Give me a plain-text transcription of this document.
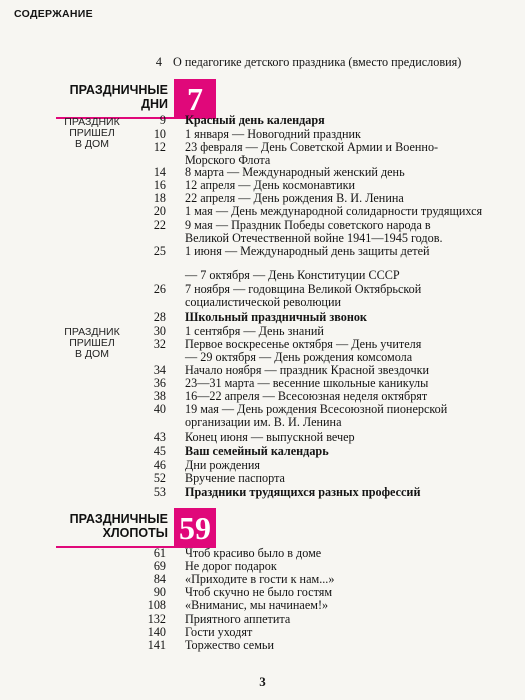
СОДЕРЖАНИЕ
4 О педагогике детского праздника (вместо предисловия)
ПРАЗДНИЧНЫЕ
ДНИ 7
ПРАЗДНИК
ПРИШЕЛ
В ДОМ
ПРАЗДНИК
ПРИШЕЛ
В ДОМ
9 Красный день календаря
10 1 января — Новогодний праздник
12 23 февраля — День Советской Армии и Военно-
Морского Флота
14 8 марта — Международный женский день
16 12 апреля — День космонавтики
18 22 апреля — День рождения В. И. Ленина
20 1 мая — День международной солидарности трудящихся
22 9 мая — Праздник Победы советского народа в
Великой Отечественной войне 1941—1945 годов.
25 1 июня — Международный день защиты детей
— 7 октября — День Конституции СССР
26 7 ноября — годовщина Великой Октябрьской
социалистической революции
28 Школьный праздничный звонок
30 1 сентября — День знаний
32 Первое воскресенье октября — День учителя
— 29 октября — День рождения комсомола
34 Начало ноября — праздник Красной звездочки
36 23—31 марта — весенние школьные каникулы
38 16—22 апреля — Всесоюзная неделя октябрят
40 19 мая — День рождения Всесоюзной пионерской
организации им. В. И. Ленина
43 Конец июня — выпускной вечер
45 Ваш семейный календарь
46 Дни рождения
52 Вручение паспорта
53 Праздники трудящихся разных профессий
ПРАЗДНИЧНЫЕ
ХЛОПОТЫ 59
61 Чтоб красиво было в доме
69 Не дорог подарок
84 «Приходите в гости к нам...»
90 Чтоб скучно не было гостям
108 «Вниманис, мы начинаем!»
132 Приятного аппетита
140 Гости уходят
141 Торжество семьи
3
